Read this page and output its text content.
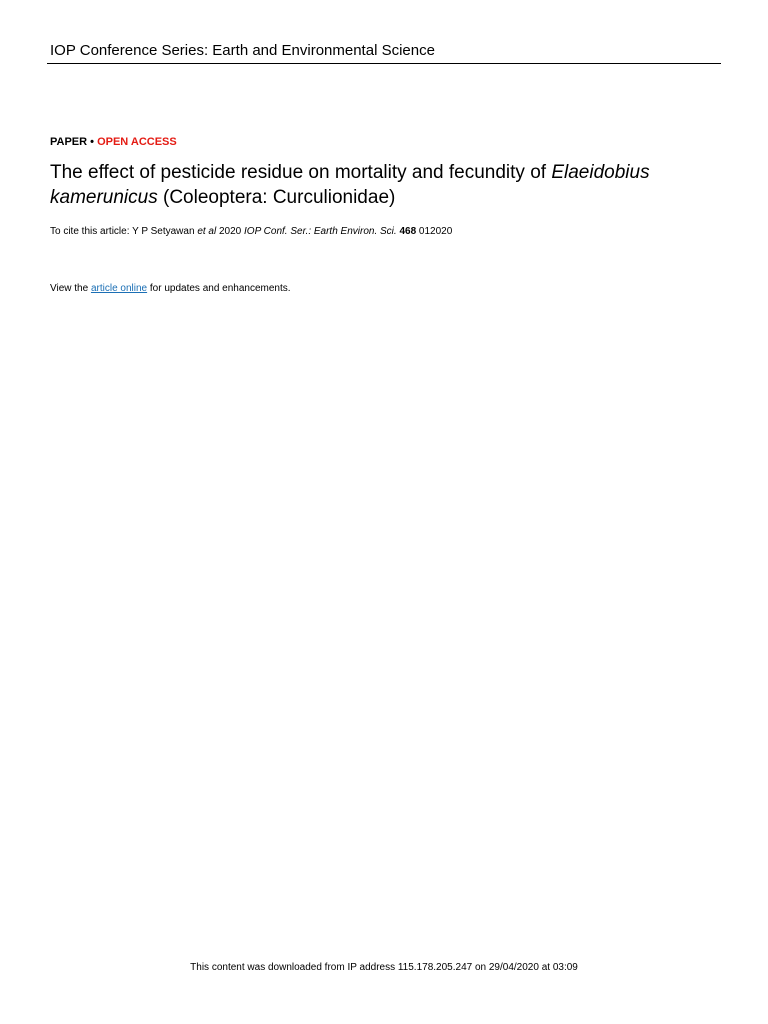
IOP Conference Series: Earth and Environmental Science
PAPER • OPEN ACCESS
The effect of pesticide residue on mortality and fecundity of Elaeidobius kamerunicus (Coleoptera: Curculionidae)
To cite this article: Y P Setyawan et al 2020 IOP Conf. Ser.: Earth Environ. Sci. 468 012020
View the article online for updates and enhancements.
This content was downloaded from IP address 115.178.205.247 on 29/04/2020 at 03:09
